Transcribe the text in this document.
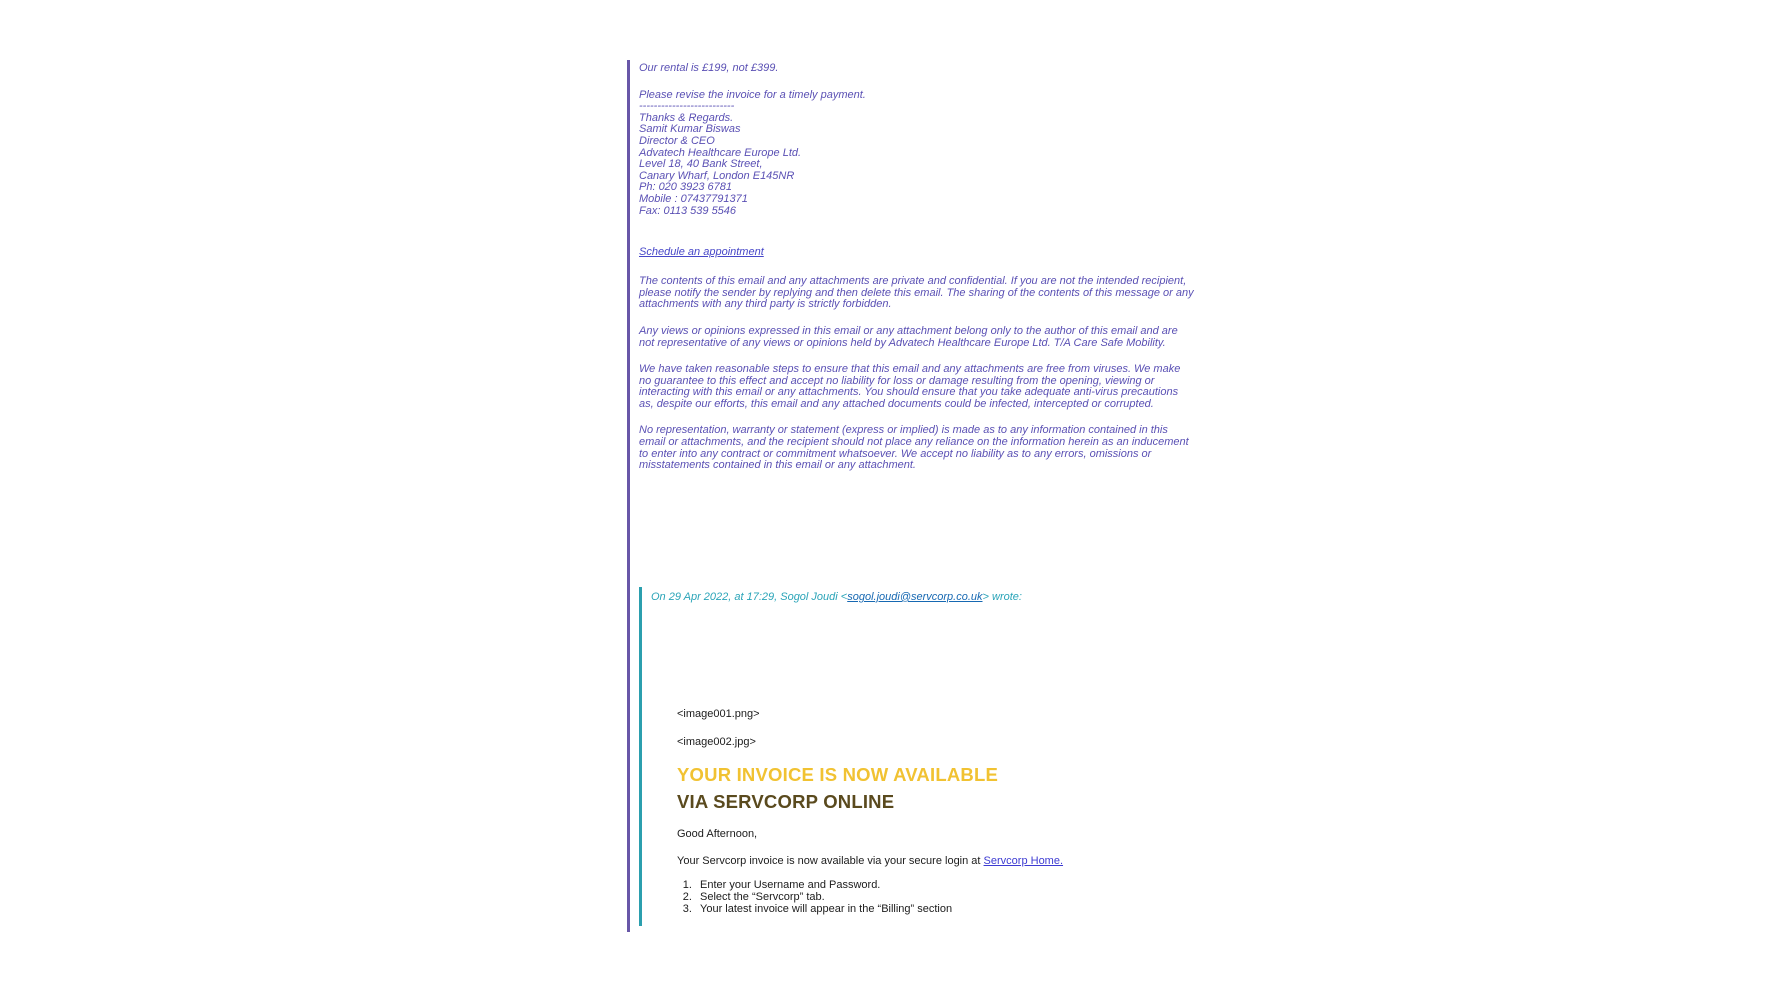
Our rental is £199, not £399.

Please revise the invoice for a timely payment.
--------------------------
Thanks & Regards.
Samit Kumar Biswas
Director & CEO
Advatech Healthcare Europe Ltd.
Level 18, 40 Bank Street,
Canary Wharf, London E145NR
Ph: 020 3923 6781
Mobile : 07437791371
Fax: 0113 539 5546

Schedule an appointment

The contents of this email and any attachments are private and confidential. If you are not the intended recipient, please notify the sender by replying and then delete this email. The sharing of the contents of this message or any attachments with any third party is strictly forbidden.

Any views or opinions expressed in this email or any attachment belong only to the author of this email and are not representative of any views or opinions held by Advatech Healthcare Europe Ltd. T/A Care Safe Mobility.

We have taken reasonable steps to ensure that this email and any attachments are free from viruses. We make no guarantee to this effect and accept no liability for loss or damage resulting from the opening, viewing or interacting with this email or any attachments. You should ensure that you take adequate anti-virus precautions as, despite our efforts, this email and any attached documents could be infected, intercepted or corrupted.

No representation, warranty or statement (express or implied) is made as to any information contained in this email or attachments, and the recipient should not place any reliance on the information herein as an inducement to enter into any contract or commitment whatsoever. We accept no liability as to any errors, omissions or misstatements contained in this email or any attachment.

On 29 Apr 2022, at 17:29, Sogol Joudi <sogol.joudi@servcorp.co.uk> wrote:

<image001.png>

<image002.jpg>

YOUR INVOICE IS NOW AVAILABLE
VIA SERVCORP ONLINE

Good Afternoon,

Your Servcorp invoice is now available via your secure login at Servcorp Home.

1. Enter your Username and Password.
2. Select the “Servcorp” tab.
3. Your latest invoice will appear in the “Billing” section
